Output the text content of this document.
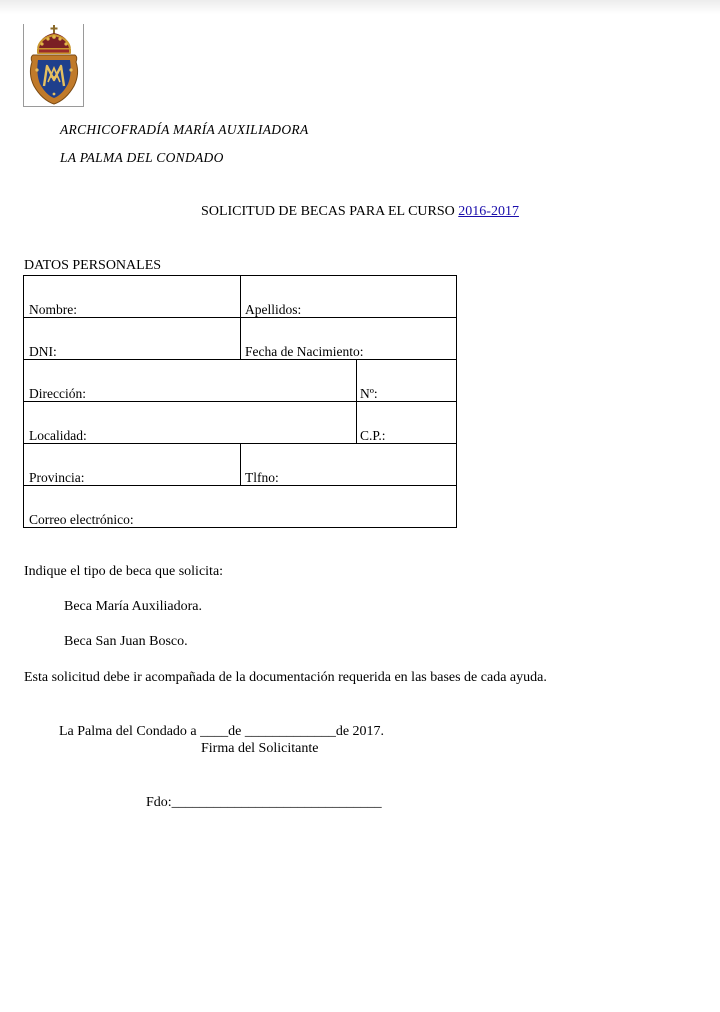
ARCHICOFRADÍA MARÍA AUXILIADORA
LA PALMA DEL CONDADO
SOLICITUD DE BECAS PARA EL CURSO 2016-2017
DATOS PERSONALES
Nombre:	Apellidos:
DNI:	Fecha de Nacimiento:
Dirección:	Nº:
Localidad:	C.P.:
Provincia:	Tlfno:
Correo electrónico:
Indique el tipo de beca que solicita:
Beca María Auxiliadora.
Beca San Juan Bosco.
Esta solicitud debe ir acompañada de la documentación requerida en las bases de cada ayuda.
La Palma del Condado a ____de _____________de 2017.
Firma del Solicitante
Fdo:______________________________
